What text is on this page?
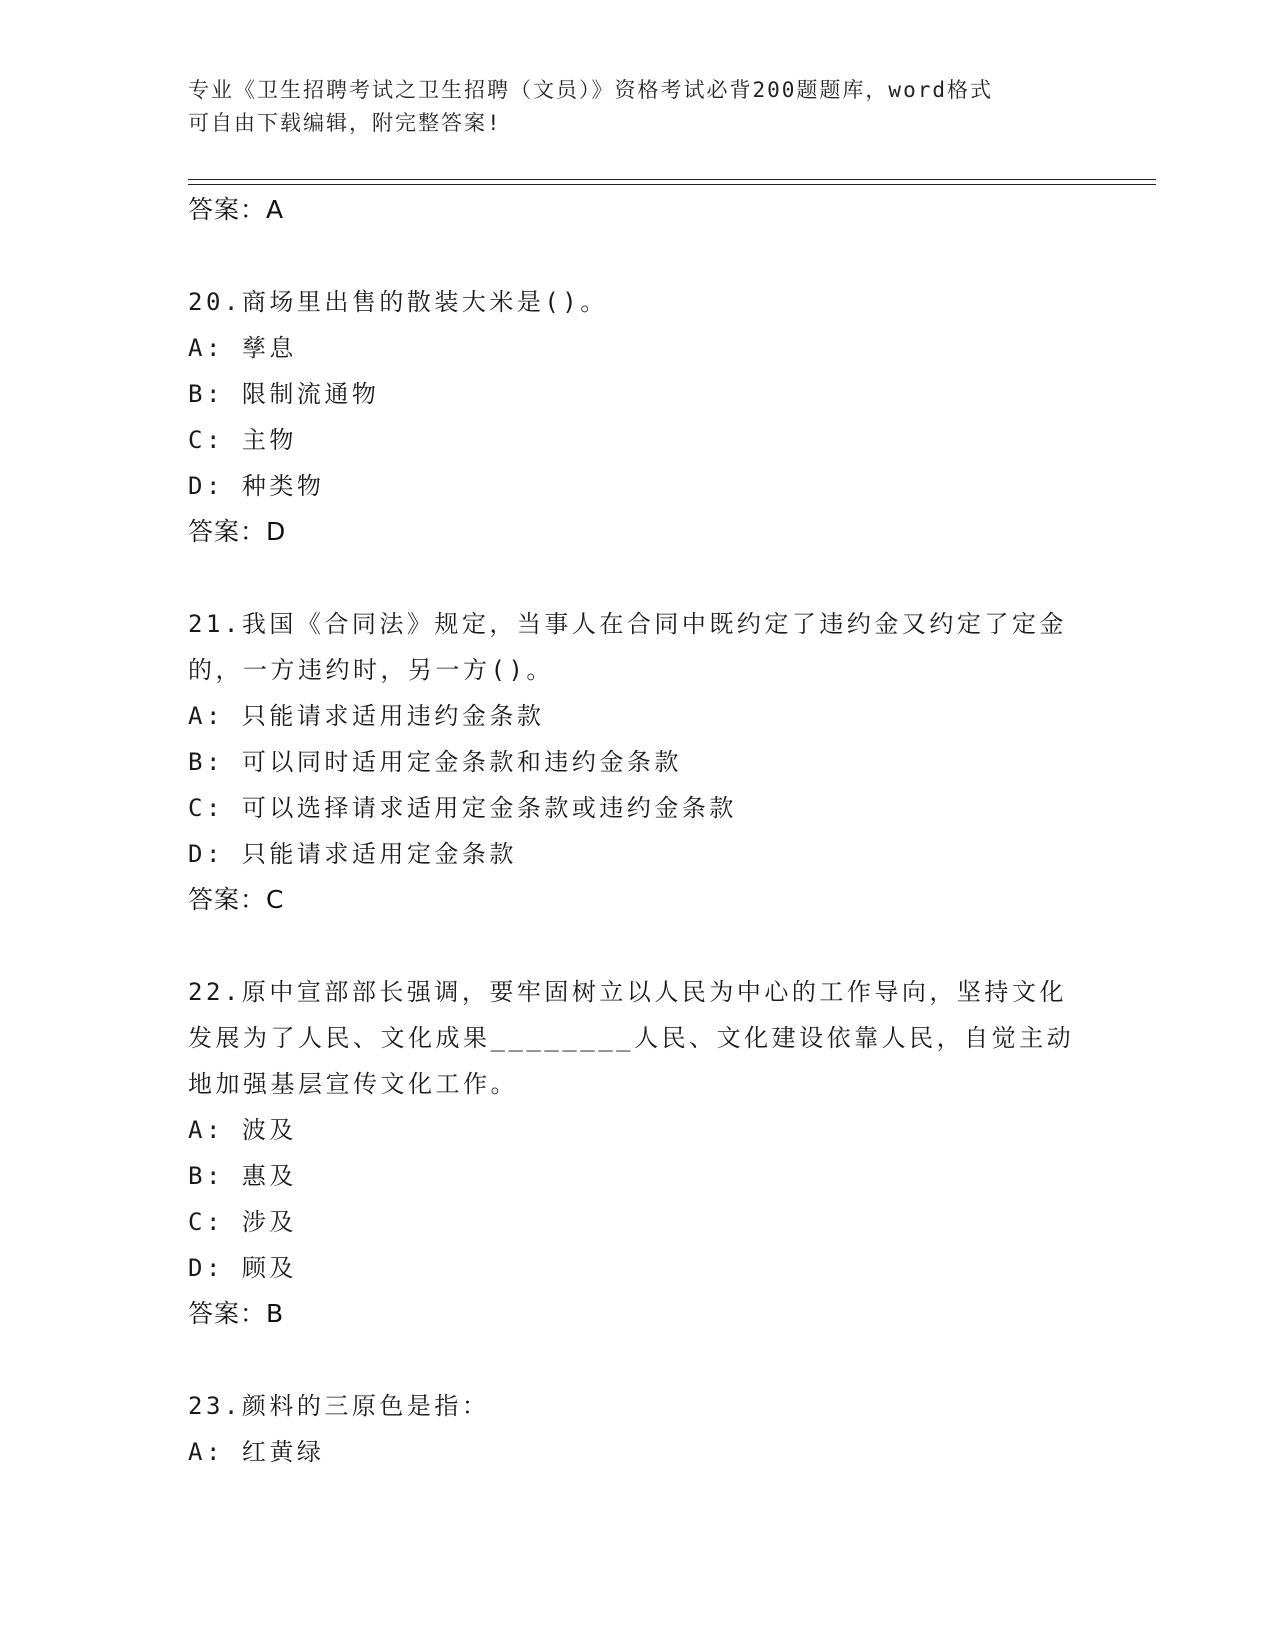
专业《卫生招聘考试之卫生招聘（文员）》资格考试必背200题题库，word格式
可自由下载编辑，附完整答案!
答案：A
20.商场里出售的散装大米是()。
A: 孳息
B: 限制流通物
C: 主物
D: 种类物
答案：D
21.我国《合同法》规定，当事人在合同中既约定了违约金又约定了定金的，一方违约时，另一方()。
A: 只能请求适用违约金条款
B: 可以同时适用定金条款和违约金条款
C: 可以选择请求适用定金条款或违约金条款
D: 只能请求适用定金条款
答案：C
22.原中宣部部长强调，要牢固树立以人民为中心的工作导向，坚持文化发展为了人民、文化成果________人民、文化建设依靠人民，自觉主动地加强基层宣传文化工作。
A: 波及
B: 惠及
C: 涉及
D: 顾及
答案：B
23.颜料的三原色是指：
A: 红黄绿
